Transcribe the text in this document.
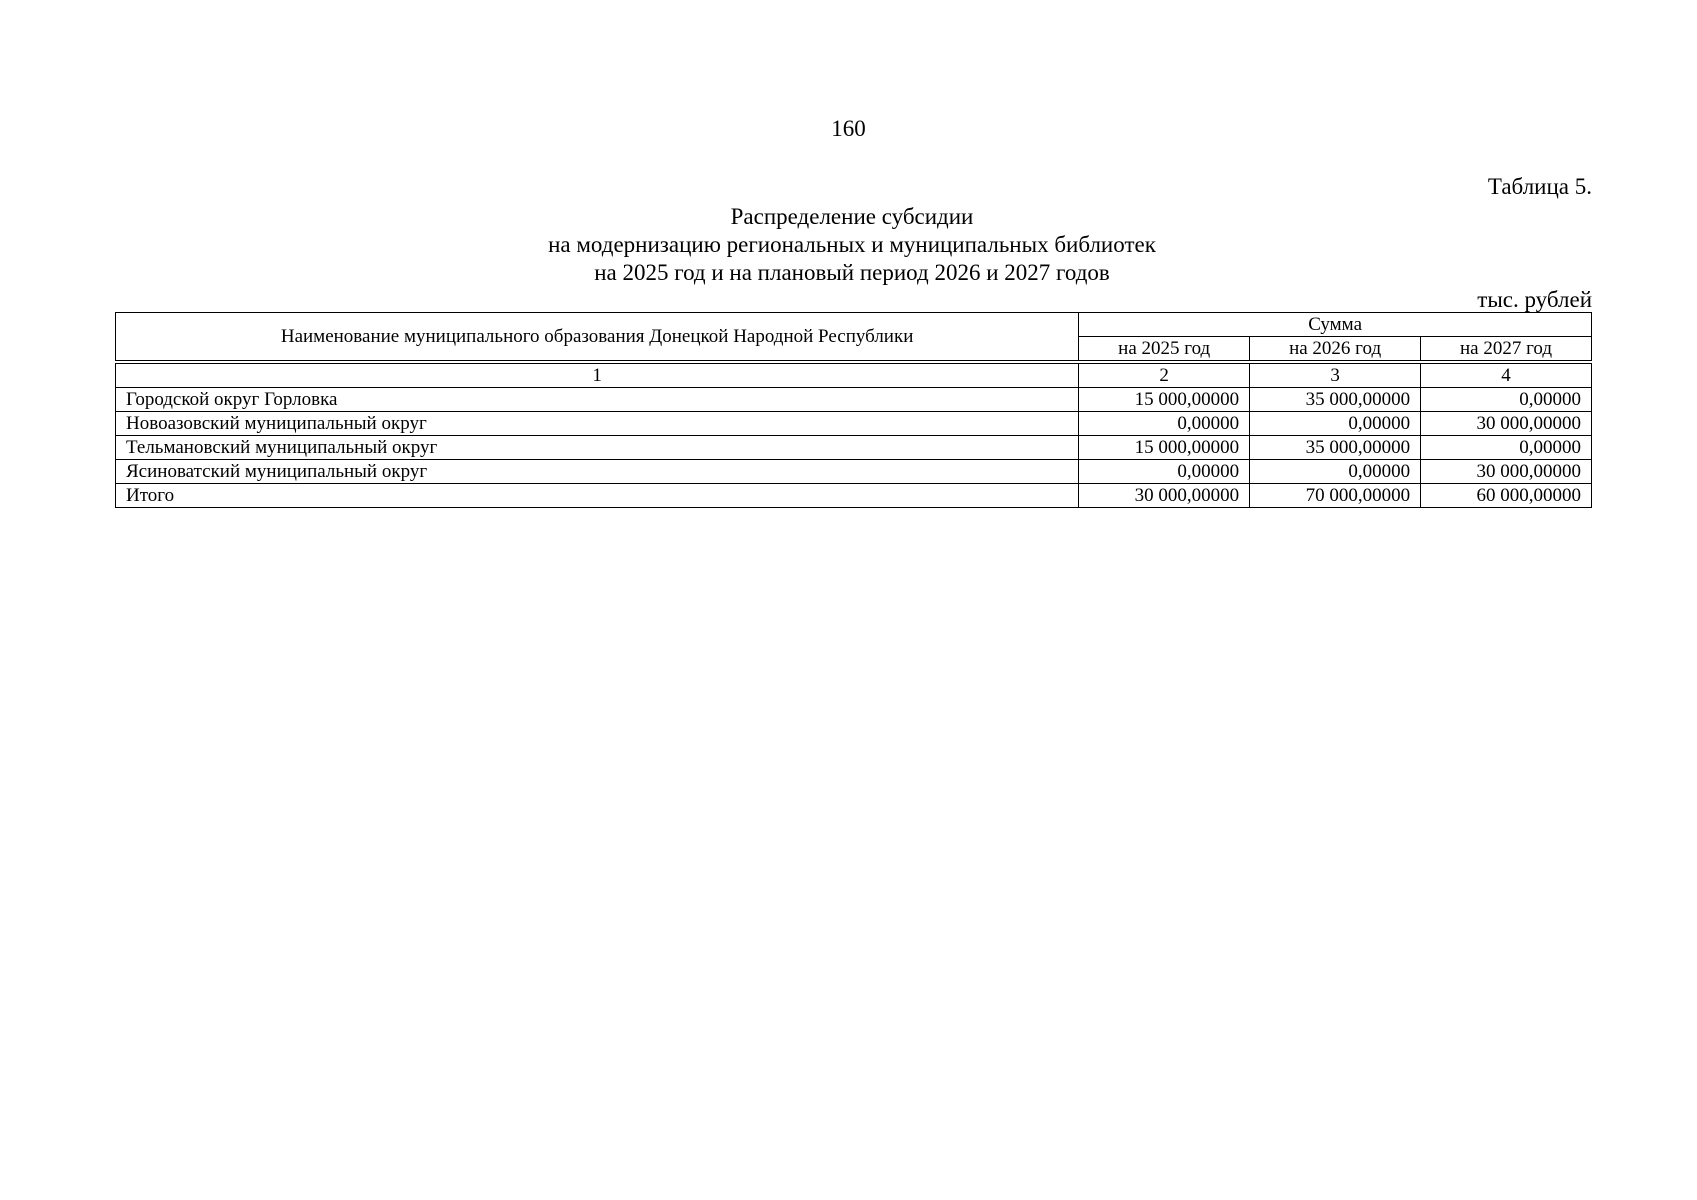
160
Таблица 5.
Распределение субсидии
на модернизацию региональных и муниципальных библиотек
на 2025 год и на плановый период 2026 и 2027 годов
тыс. рублей
Наименование муниципального образования Донецкой Народной Республики	Сумма		
	на 2025 год	на 2026 год	на 2027 год

1	2	3	4
Городской округ Горловка	15 000,00000	35 000,00000	0,00000
Новоазовский муниципальный округ	0,00000	0,00000	30 000,00000
Тельмановский муниципальный округ	15 000,00000	35 000,00000	0,00000
Ясиноватский муниципальный округ	0,00000	0,00000	30 000,00000
Итого	30 000,00000	70 000,00000	60 000,00000
